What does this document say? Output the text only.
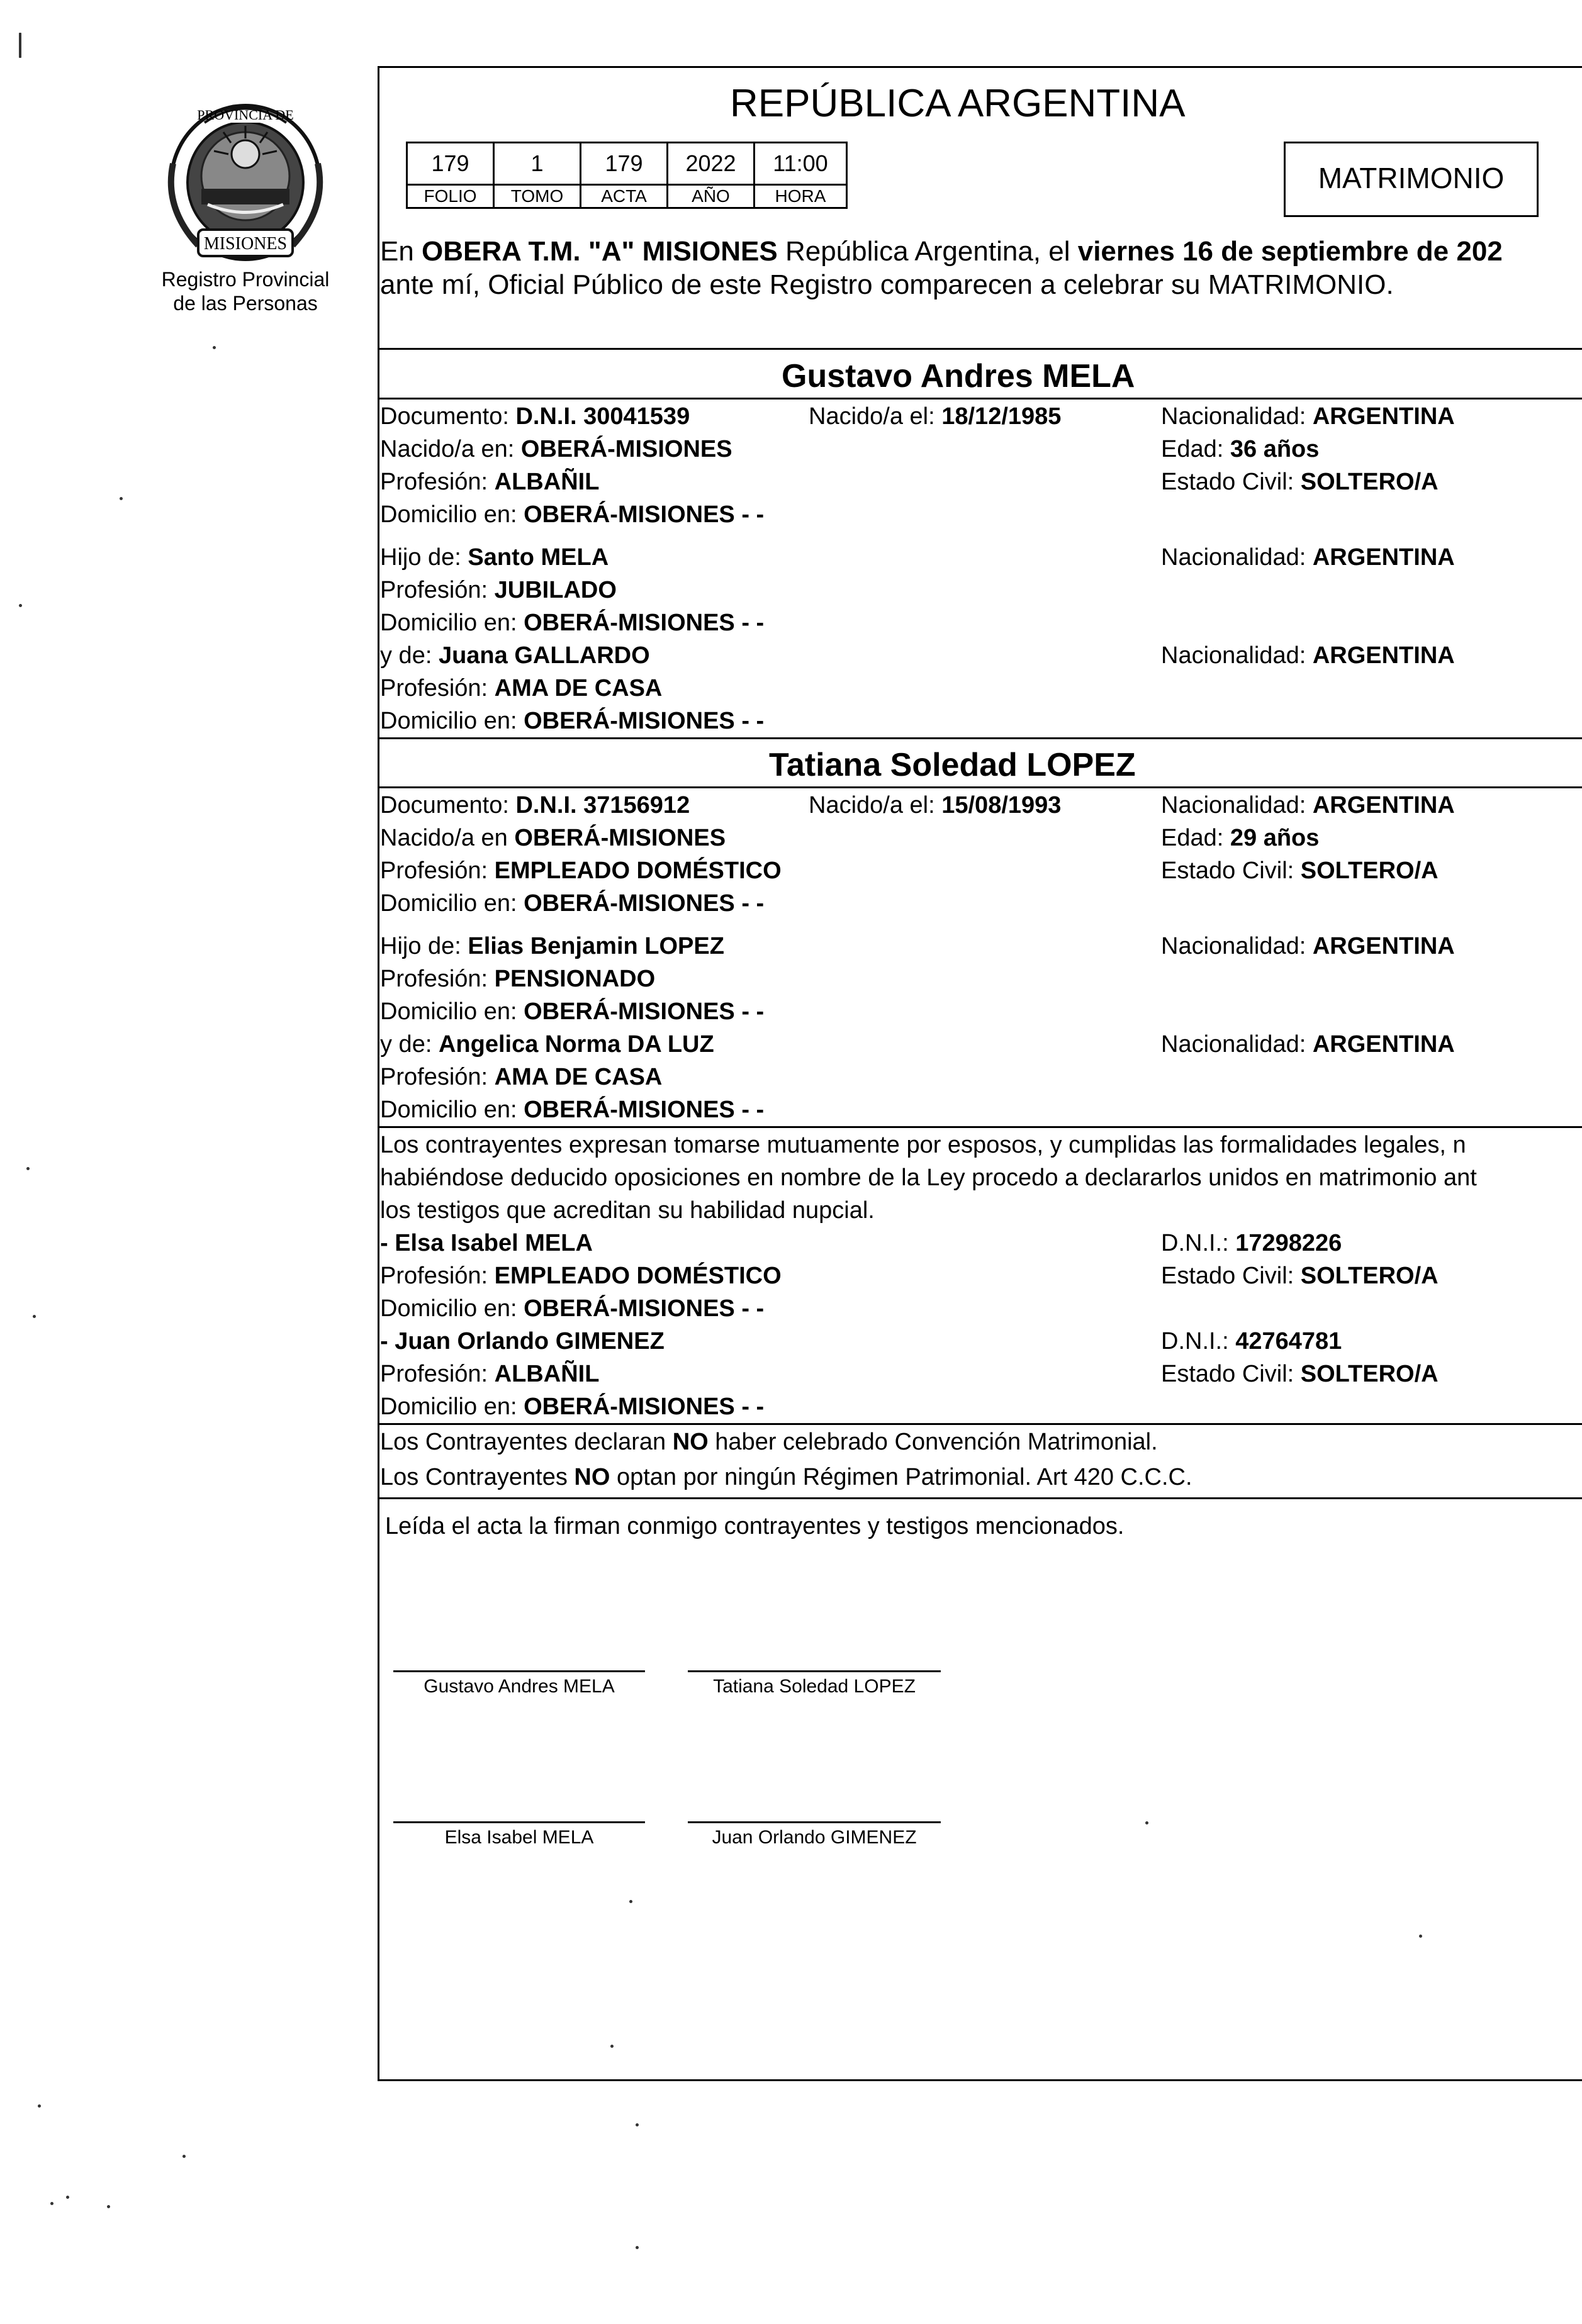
PROVINCIA DE
MISIONES
Registro Provincial
de las Personas
REPÚBLICA ARGENTINA
179	1	179	2022	11:00
FOLIO	TOMO	ACTA	AÑO	HORA
MATRIMONIO
En OBERA T.M. "A" MISIONES República Argentina, el viernes 16 de septiembre de 202
ante mí, Oficial Público de este Registro comparecen a celebrar su MATRIMONIO.
Gustavo Andres MELA
Documento: D.N.I. 30041539	Nacido/a el: 18/12/1985	Nacionalidad: ARGENTINA
Nacido/a en: OBERÁ-MISIONES	Edad: 36 años
Profesión: ALBAÑIL	Estado Civil: SOLTERO/A
Domicilio en: OBERÁ-MISIONES - -
Hijo de: Santo MELA	Nacionalidad: ARGENTINA
Profesión: JUBILADO
Domicilio en: OBERÁ-MISIONES - -
y de: Juana GALLARDO	Nacionalidad: ARGENTINA
Profesión: AMA DE CASA
Domicilio en: OBERÁ-MISIONES - -
Tatiana Soledad LOPEZ
Documento: D.N.I. 37156912	Nacido/a el: 15/08/1993	Nacionalidad: ARGENTINA
Nacido/a en OBERÁ-MISIONES	Edad: 29 años
Profesión: EMPLEADO DOMÉSTICO	Estado Civil: SOLTERO/A
Domicilio en: OBERÁ-MISIONES - -
Hijo de: Elias Benjamin LOPEZ	Nacionalidad: ARGENTINA
Profesión: PENSIONADO
Domicilio en: OBERÁ-MISIONES - -
y de: Angelica Norma DA LUZ	Nacionalidad: ARGENTINA
Profesión: AMA DE CASA
Domicilio en: OBERÁ-MISIONES - -
Los contrayentes expresan tomarse mutuamente por esposos, y cumplidas las formalidades legales, n
habiéndose deducido oposiciones en nombre de la Ley procedo a declararlos unidos en matrimonio ant
los testigos que acreditan su habilidad nupcial.
- Elsa Isabel MELA	D.N.I.: 17298226
Profesión: EMPLEADO DOMÉSTICO	Estado Civil: SOLTERO/A
Domicilio en: OBERÁ-MISIONES - -
- Juan Orlando GIMENEZ	D.N.I.: 42764781
Profesión: ALBAÑIL	Estado Civil: SOLTERO/A
Domicilio en: OBERÁ-MISIONES - -
Los Contrayentes declaran NO haber celebrado Convención Matrimonial.
Los Contrayentes NO optan por ningún Régimen Patrimonial. Art 420 C.C.C.
Leída el acta la firman conmigo contrayentes y testigos mencionados.
Gustavo Andres MELA	Tatiana Soledad LOPEZ
Elsa Isabel MELA	Juan Orlando GIMENEZ
